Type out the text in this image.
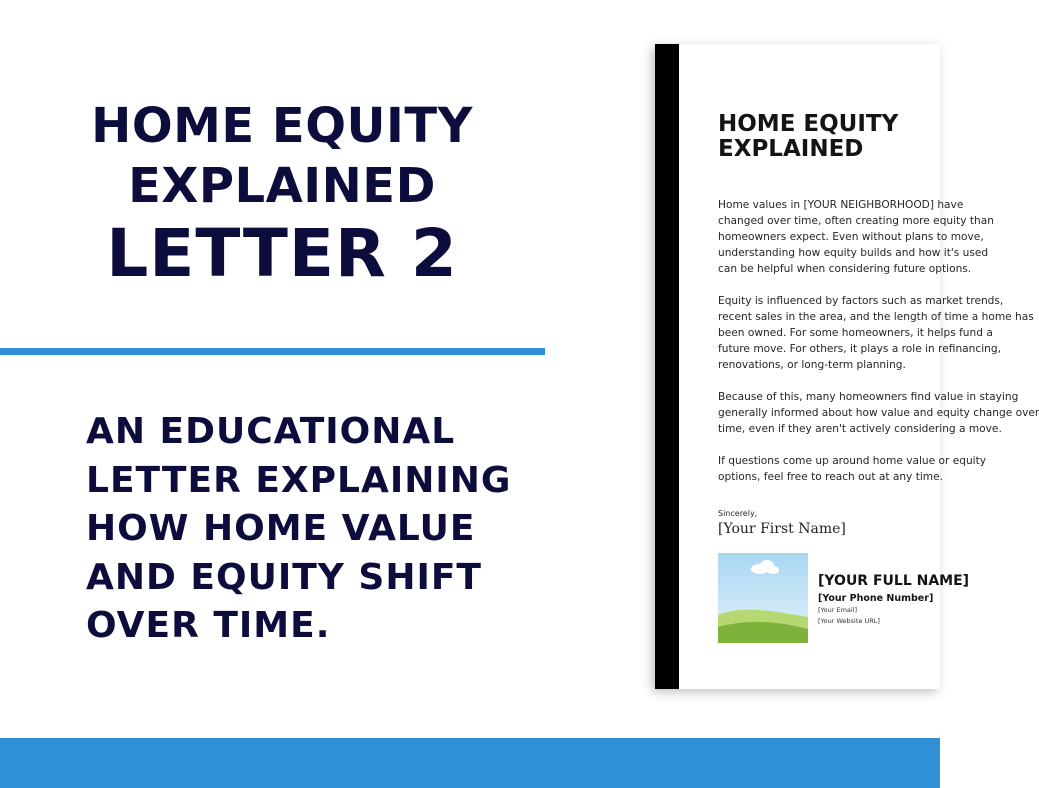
HOME EQUITY
EXPLAINED
LETTER 2
AN EDUCATIONAL
LETTER EXPLAINING
HOW HOME VALUE
AND EQUITY SHIFT
OVER TIME.
HOME EQUITY
EXPLAINED
Home values in [YOUR NEIGHBORHOOD] have
changed over time, often creating more equity than
homeowners expect. Even without plans to move,
understanding how equity builds and how it's used
can be helpful when considering future options.
Equity is influenced by factors such as market trends,
recent sales in the area, and the length of time a home has
been owned. For some homeowners, it helps fund a
future move. For others, it plays a role in refinancing,
renovations, or long-term planning.
Because of this, many homeowners find value in staying
generally informed about how value and equity change over
time, even if they aren't actively considering a move.
If questions come up around home value or equity
options, feel free to reach out at any time.
Sincerely,
[Your First Name]
[YOUR FULL NAME]
[Your Phone Number]
[Your Email]
[Your Website URL]
